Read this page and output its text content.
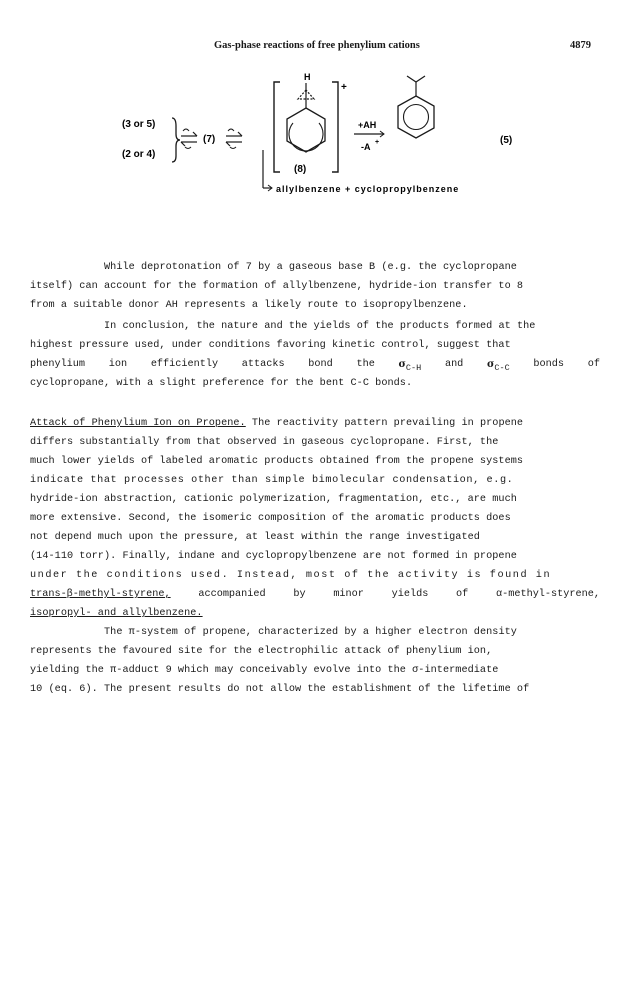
Gas-phase reactions of free phenylium cations	4879
(3 or 5)
(2 or 4)
(7)
allylbenzene + cyclopropylbenzene
+
H
(8)
+AH
-A +	(5)
While deprotonation of 7 by a gaseous base B (e.g. the cyclopropane
itself) can account for the formation of allylbenzene, hydride-ion transfer to 8
from a suitable donor AH represents a likely route to isopropylbenzene.
In conclusion, the nature and the yields of the products formed at the
highest pressure used, under conditions favoring kinetic control, suggest that
phenylium ion efficiently attacks bond the $\sigma_{C-H}$ and $\sigma_{C-C}$ bonds of
cyclopropane, with a slight preference for the bent C-C bonds.
Attack of Phenylium Ion on Propene. The reactivity pattern prevailing in propene
differs substantially from that observed in gaseous cyclopropane. First, the
much lower yields of labeled aromatic products obtained from the propene systems
indicate that processes other than simple bimolecular condensation, e.g.
hydride-ion abstraction, cationic polymerization, fragmentation, etc., are much
more extensive. Second, the isomeric composition of the aromatic products does
not depend much upon the pressure, at least within the range investigated
(14-110 torr). Finally, indane and cyclopropylbenzene are not formed in propene
under the conditions used. Instead, most of the activity is found in
trans-β-methyl-styrene,	accompanied	by	minor	yields	of	α-methyl-styrene,
isopropyl- and allylbenzene.
The π-system of propene, characterized by a higher electron density
represents the favoured site for the electrophilic attack of phenylium ion,
yielding the π-adduct 9 which may conceivably evolve into the σ-intermediate
10 (eq. 6). The present results do not allow the establishment of the lifetime of
